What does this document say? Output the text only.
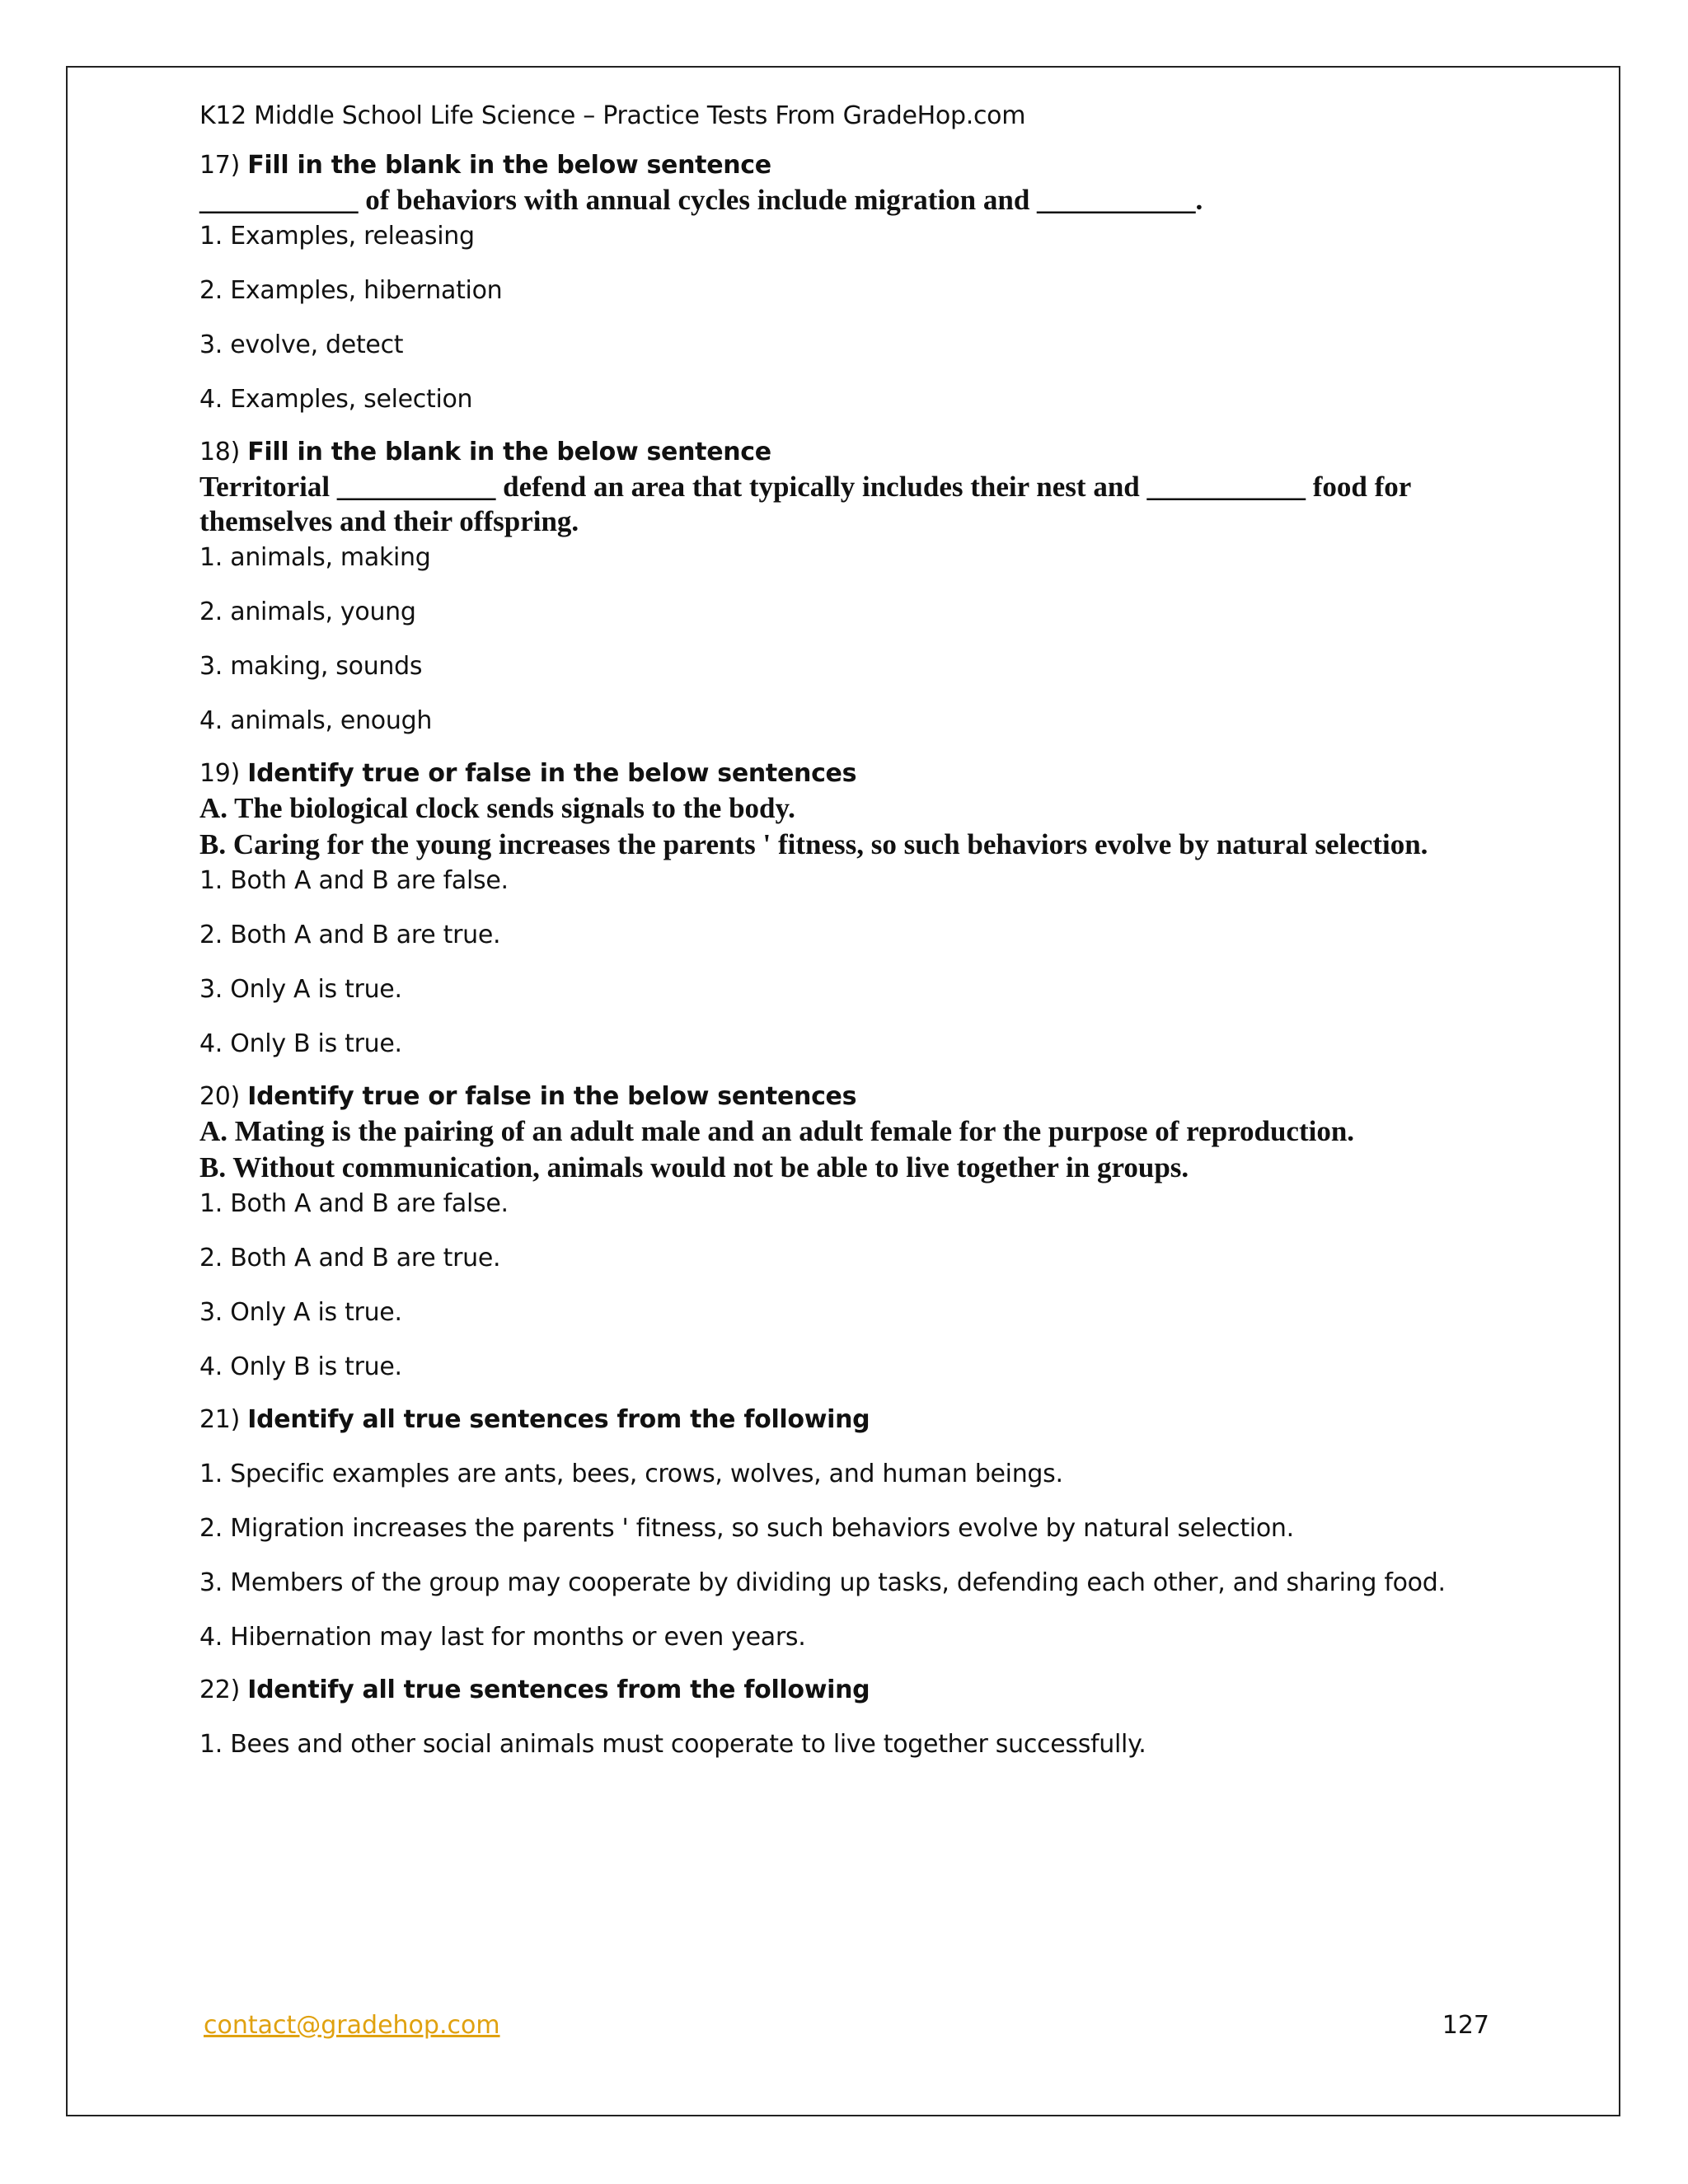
K12 Middle School Life Science – Practice Tests From GradeHop.com
17) Fill in the blank in the below sentence
___________ of behaviors with annual cycles include migration and ___________.
1. Examples, releasing
2. Examples, hibernation
3. evolve, detect
4. Examples, selection
18) Fill in the blank in the below sentence
Territorial ___________ defend an area that typically includes their nest and ___________ food for themselves and their offspring.
1. animals, making
2. animals, young
3. making, sounds
4. animals, enough
19) Identify true or false in the below sentences
A. The biological clock sends signals to the body.
B. Caring for the young increases the parents ' fitness, so such behaviors evolve by natural selection.
1. Both A and B are false.
2. Both A and B are true.
3. Only A is true.
4. Only B is true.
20) Identify true or false in the below sentences
A. Mating is the pairing of an adult male and an adult female for the purpose of reproduction.
B. Without communication, animals would not be able to live together in groups.
1. Both A and B are false.
2. Both A and B are true.
3. Only A is true.
4. Only B is true.
21) Identify all true sentences from the following
1. Specific examples are ants, bees, crows, wolves, and human beings.
2. Migration increases the parents ' fitness, so such behaviors evolve by natural selection.
3. Members of the group may cooperate by dividing up tasks, defending each other, and sharing food.
4. Hibernation may last for months or even years.
22) Identify all true sentences from the following
1. Bees and other social animals must cooperate to live together successfully.
contact@gradehop.com	127
